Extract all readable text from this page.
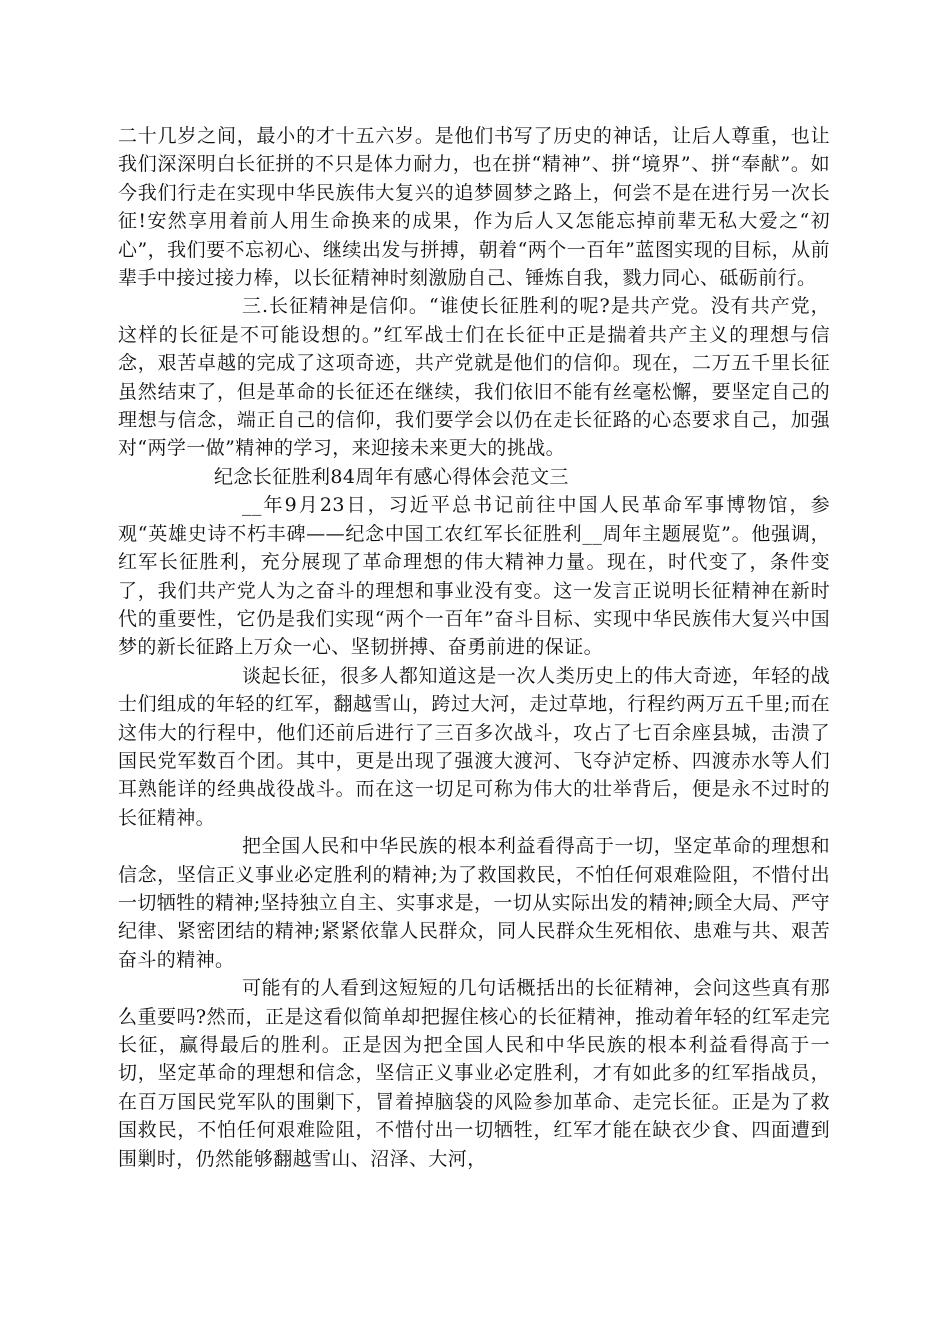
二十几岁之间，最小的才十五六岁。是他们书写了历史的神话，让后人尊重，也让我们深深明白长征拼的不只是体力耐力，也在拼“精神”、拼“境界”、拼“奉献”。如今我们行走在实现中华民族伟大复兴的追梦圆梦之路上，何尝不是在进行另一次长征!安然享用着前人用生命换来的成果，作为后人又怎能忘掉前辈无私大爱之“初心”，我们要不忘初心、继续出发与拼搏，朝着“两个一百年”蓝图实现的目标，从前辈手中接过接力棒，以长征精神时刻激励自己、锤炼自我，戮力同心、砥砺前行。

三.长征精神是信仰。“谁使长征胜利的呢?是共产党。没有共产党，这样的长征是不可能设想的。”红军战士们在长征中正是揣着共产主义的理想与信念，艰苦卓越的完成了这项奇迹，共产党就是他们的信仰。现在，二万五千里长征虽然结束了，但是革命的长征还在继续，我们依旧不能有丝毫松懈，要坚定自己的理想与信念，端正自己的信仰，我们要学会以仍在走长征路的心态要求自己，加强对“两学一做”精神的学习，来迎接未来更大的挑战。

纪念长征胜利84周年有感心得体会范文三

__年9月23日，习近平总书记前往中国人民革命军事博物馆，参观“英雄史诗不朽丰碑——纪念中国工农红军长征胜利__周年主题展览”。他强调，红军长征胜利，充分展现了革命理想的伟大精神力量。现在，时代变了，条件变了，我们共产党人为之奋斗的理想和事业没有变。这一发言正说明长征精神在新时代的重要性，它仍是我们实现“两个一百年”奋斗目标、实现中华民族伟大复兴中国梦的新长征路上万众一心、坚韧拼搏、奋勇前进的保证。

谈起长征，很多人都知道这是一次人类历史上的伟大奇迹，年轻的战士们组成的年轻的红军，翻越雪山，跨过大河，走过草地，行程约两万五千里;而在这伟大的行程中，他们还前后进行了三百多次战斗，攻占了七百余座县城，击溃了国民党军数百个团。其中，更是出现了强渡大渡河、飞夺泸定桥、四渡赤水等人们耳熟能详的经典战役战斗。而在这一切足可称为伟大的壮举背后，便是永不过时的长征精神。

把全国人民和中华民族的根本利益看得高于一切，坚定革命的理想和信念，坚信正义事业必定胜利的精神;为了救国救民，不怕任何艰难险阻，不惜付出一切牺牲的精神;坚持独立自主、实事求是，一切从实际出发的精神;顾全大局、严守纪律、紧密团结的精神;紧紧依靠人民群众，同人民群众生死相依、患难与共、艰苦奋斗的精神。

可能有的人看到这短短的几句话概括出的长征精神，会问这些真有那么重要吗?然而，正是这看似简单却把握住核心的长征精神，推动着年轻的红军走完长征，赢得最后的胜利。正是因为把全国人民和中华民族的根本利益看得高于一切，坚定革命的理想和信念，坚信正义事业必定胜利，才有如此多的红军指战员，在百万国民党军队的围剿下，冒着掉脑袋的风险参加革命、走完长征。正是为了救国救民，不怕任何艰难险阻，不惜付出一切牺牲，红军才能在缺衣少食、四面遭到围剿时，仍然能够翻越雪山、沼泽、大河，
